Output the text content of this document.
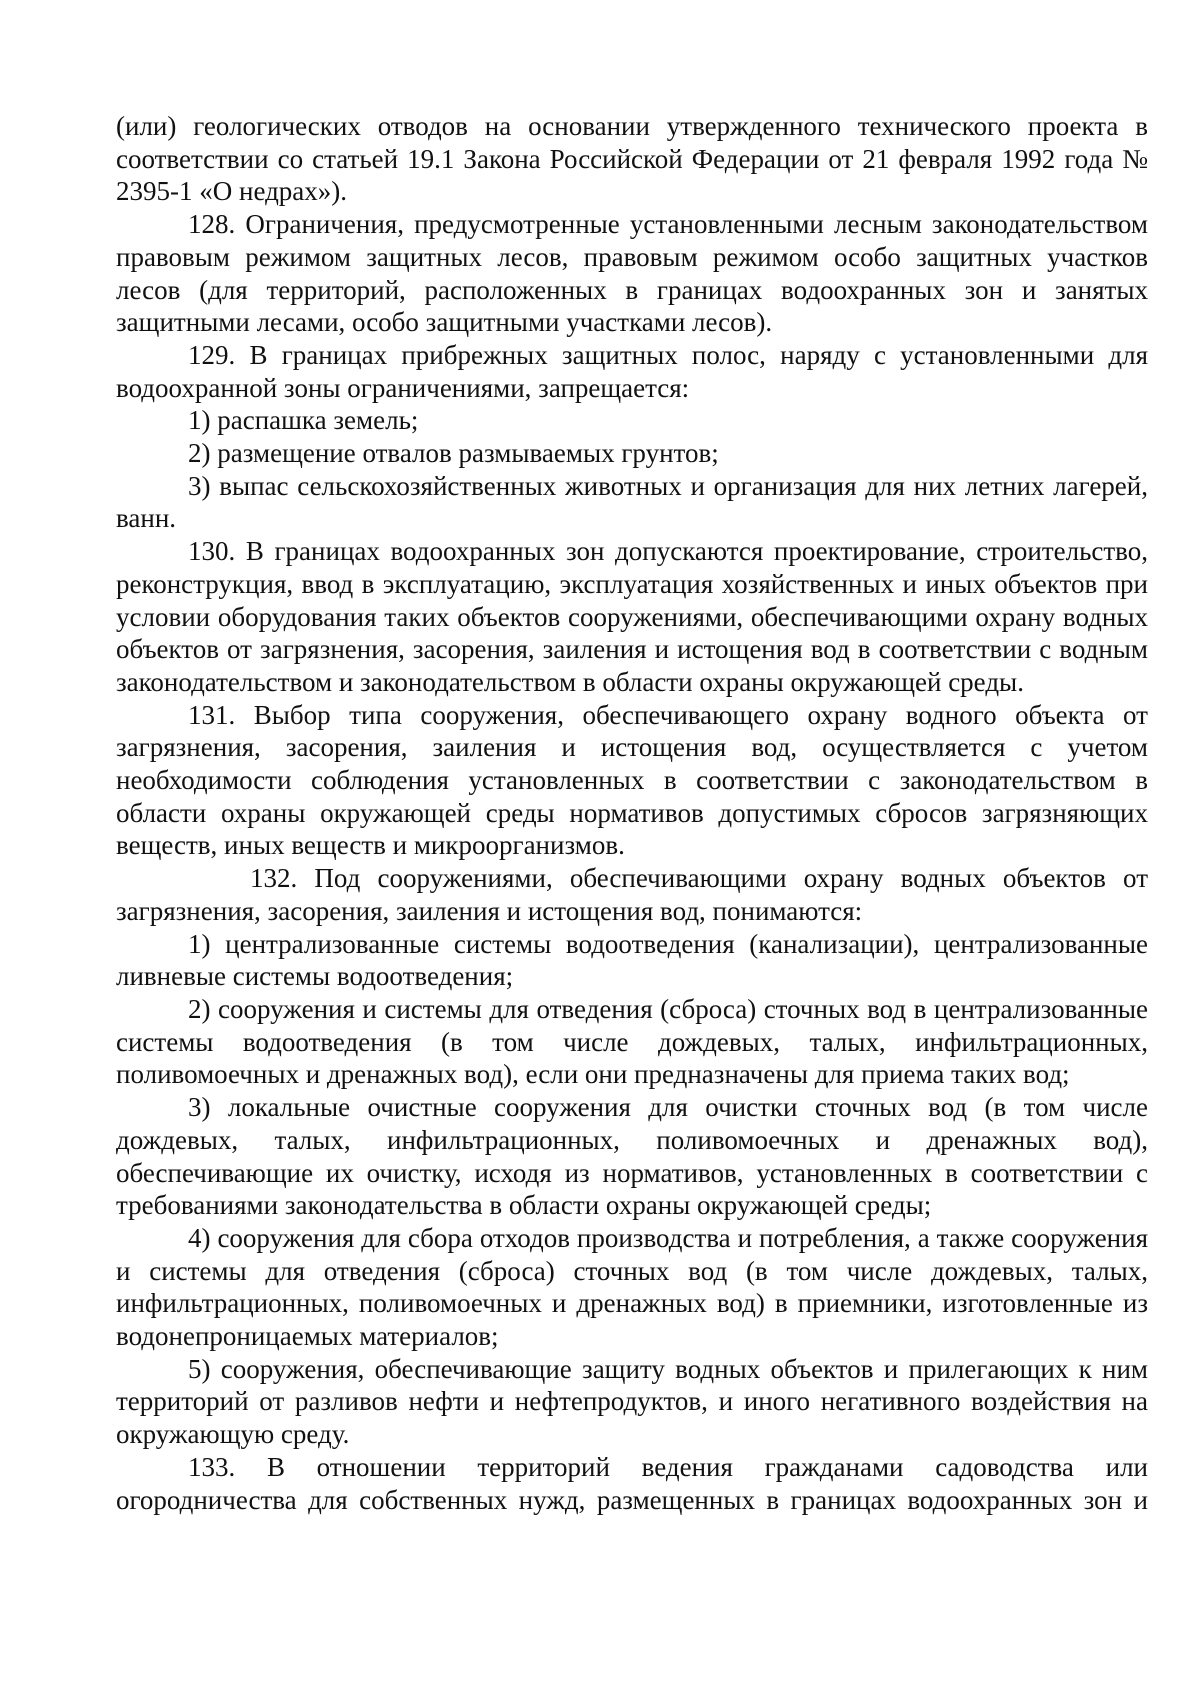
(или) геологических отводов на основании утвержденного технического проекта в соответствии со статьей 19.1 Закона Российской Федерации от 21 февраля 1992 года № 2395-1 «О недрах»).

128. Ограничения, предусмотренные установленными лесным законодательством правовым режимом защитных лесов, правовым режимом особо защитных участков лесов (для территорий, расположенных в границах водоохранных зон и занятых защитными лесами, особо защитными участками лесов).

129. В границах прибрежных защитных полос, наряду с установленными для водоохранной зоны ограничениями, запрещается:

1) распашка земель;

2) размещение отвалов размываемых грунтов;

3) выпас сельскохозяйственных животных и организация для них летних лагерей, ванн.

130. В границах водоохранных зон допускаются проектирование, строительство, реконструкция, ввод в эксплуатацию, эксплуатация хозяйственных и иных объектов при условии оборудования таких объектов сооружениями, обеспечивающими охрану водных объектов от загрязнения, засорения, заиления и истощения вод в соответствии с водным законодательством и законодательством в области охраны окружающей среды.

131. Выбор типа сооружения, обеспечивающего охрану водного объекта от загрязнения, засорения, заиления и истощения вод, осуществляется с учетом необходимости соблюдения установленных в соответствии с законодательством в области охраны окружающей среды нормативов допустимых сбросов загрязняющих веществ, иных веществ и микроорганизмов.

132. Под сооружениями, обеспечивающими охрану водных объектов от загрязнения, засорения, заиления и истощения вод, понимаются:

1) централизованные системы водоотведения (канализации), централизованные ливневые системы водоотведения;

2) сооружения и системы для отведения (сброса) сточных вод в централизованные системы водоотведения (в том числе дождевых, талых, инфильтрационных, поливомоечных и дренажных вод), если они предназначены для приема таких вод;

3) локальные очистные сооружения для очистки сточных вод (в том числе дождевых, талых, инфильтрационных, поливомоечных и дренажных вод), обеспечивающие их очистку, исходя из нормативов, установленных в соответствии с требованиями законодательства в области охраны окружающей среды;

4) сооружения для сбора отходов производства и потребления, а также сооружения и системы для отведения (сброса) сточных вод (в том числе дождевых, талых, инфильтрационных, поливомоечных и дренажных вод) в приемники, изготовленные из водонепроницаемых материалов;

5) сооружения, обеспечивающие защиту водных объектов и прилегающих к ним территорий от разливов нефти и нефтепродуктов, и иного негативного воздействия на окружающую среду.

133. В отношении территорий ведения гражданами садоводства или огородничества для собственных нужд, размещенных в границах водоохранных зон и
